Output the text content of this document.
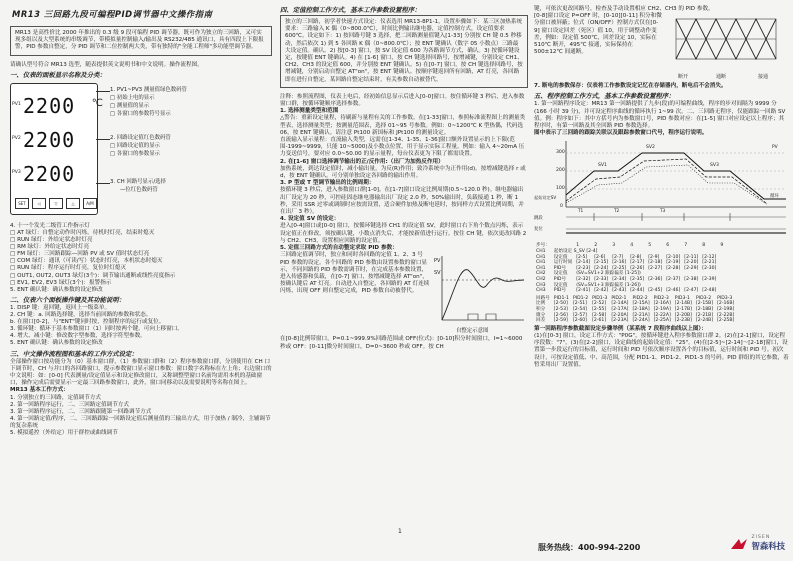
MR13 三回路九段可编程PID调节器中文操作指南

MR13 是高性价比 2000 年推出的 0.3 级 9 段可编程 PID 调节器，既可作为独立的三回路，又可实现多组以及大型系统的串级调节，带模拟量控制输入/输出及 RS232/485 通讯口，具有四段上下限报警，PID 参数自整定，分 PID 调节和二位控制两大类，带有独特的"全能工程师"多功能型调节器。

请确认型号符合 MR13 选型，随表提供英文说明书和中文说明。操作流程图。

一、仪表的面板显示名称及分类：
PV1 2200 ℃
PV2 2200
PV3 2200
SET	◁	▽	△	A/M
1. PV1~PV3 测量值绿色数码管
□ 初始上电的显示
□ 测量值的显示
□ 各窗口的参数符号显示
2. 回路设定值红色数码管
□ 回路设定值的显示
□ 各窗口的参数显示
3. CH 回路号显示/选择
—位红色数码管

4. 十一个发光二级管工作指示灯

□ AT 绿灯：自整定动作时闪烁，待机时灯亮，结束时熄灭
□ RUN 绿灯：外给定状态时灯亮
□ RM 绿灯：外给定状态时灯亮
□ FM 绿灯：三回路跟踪—回路 PV 或 SV 值时状态灯亮
□ COM 绿灯：通讯（可读/写）状态时灯亮，本机状态时熄灭
□ RUN 绿灯：程序运行时灯亮，复位时灯熄灭
□ OUT1, OUT2, OUT3 绿灯(3个)：调节输出通断或线性亮度指示
□ EV1, EV2, EV3 绿灯(3个)：报警指示

5. ENT 确认键：确认参数的设定修改

二、仪表六个面板操作键及其功能说明：
1. DISP 键：返回键，返回上一级菜单。
2. CH 键：a. 回路选择键，选择当前回路的参数和状态。
b. 在窗口[0-2]，与"ENT"键同时按，控制程序的运行或复位。
3. 循环键：循环于基本参数窗口（1）同时按两个键，可向上移窗口。
4. 增大、减小键：修改数字型参数，选择字符型参数。
5. ENT 确认键：确认参数的设定修改
三、中文操作流程图和基本的工作方式设定：

全部操作窗口按功能分为（0）基本窗口群，（1）参数窗口群和（2）程序参数窗口群，分别使用在 CH 口下调节时，CH 与并口的各回路窗口，提示参数窗口显示窗口参数：窗口数字名称标在左上角；右边窗口的中文说明：如：[0-0] 代表测量/设定值显示和设定修改窗口，又称调整型窗口名前均需用本机的基础窗口，操作完成后需要显示一定最三回路参数窗口，此外，窗口同移动以及需要说明等名称在图上。

MR13 基本工作方式：

1. 分别独立的三回路，定值调节方式
2. 第一回路程序运行，二、三回路定值调节方式
3. 第一回路程序运行，二、三回路跟随第一回路调节方式
4. 第一回路定值/程序，二、三回路跟踪一回路设定值后测量值的三输出方式，用于加热 / 制冷，主辅调节的复杂系统
5. 模拟遥控（外给定）用于群控或曲线调节
四、定值控制工作方式，基本工作参数设置程序：

独立的三回路，初学者快速方式设定：仪表选用 MR13-8P1-1，设置步骤如下：某三区加热系统要求：三路输入 K 偶（0~800.0℃），时间比例输出继电器，定值控制方式，设定值要求 600℃。设定如下：1) 按回路号键 3 选择，把二回路测量值键入[1-33] 分别按 CH 键 0.5 秒移动，然后依次 1) 到 5 各回路 K 偶（0~800.0℃）；按 ENT 键确认（数字 05 小数点）三路最大设定值。确认。2) 按[0-3] 窗口，按 SV 设定值 600 为各路调节方式，确认。3) 按循环键设定，按键值 ENT 键确认。4) 在 [1-6] 窗口，按 CH 键选择回路号，按增减键，分别设定 CH1、CH2、CH3 的设定值 600，并分别按 ENT 键确认。5) 在[0-7] 窗口，按 CH 键选择回路号，按增减键，分别启动自整定 AT"on"，按 ENT 键确认。按顺序键返回所有回路，AT 灯亮，各回路即在进行自整定，某回路自整定结束时，有关参数自动被替代。

注释：参照流程图，仪表上电后，经初始信息显示后进入[0-0]窗口。按住循环键 3 秒后，进入参数窗口群，按循环键顺序选择参数。

1. 选择测量类型和范围

△警告：重新设定量程，待刷新与量程有关的工作参数。在[1-33]窗口，参照标准流程图上的测量类型表，选择测量类型；按测量范围表，选择 01~95 号参数。例如：0~1200℃ K 型热偶，代码选 06，按 ENT 键确认。请注意 Pt100 新国标和 JPt100 的测量设定。

直流输入显示量程：直流输入类型，远需在[1-34、1-35、1-36]窗口额外设置显示的上下限(范围-1999~9999，只能 10~5000)及小数点位置，用于显示实际工程量。例如：输入 4~20mA 压力变送信号，要对应 0.0~50.00 的显示量程，每台仪表更为下限了都需设置。

2. 在[1-6] 窗口选择调节输出的正/反作用:（出厂为加热反作用）

加热系统，到达设定值时，减小输出量，为反(R)作用；致冷系统中为正作用(d)。按增减键选择 r 或 d，按 ENT 键确认。可分别单独设定各回路的输出作用。

3. P 型或 T 型调节输出的比例周期：

按循环键 3 秒后，进入参数窗口群[1-0]。在[1-7]窗口设定比例周期(0.5~120.0 秒)。继电器输出出厂设定为 20 秒，可控硅固态继电器输出出厂设定 2.0 秒，50%输出时，负载接通 1 秒，断 1 秒，采用 SSR 过零或调制时应按需设置，适合硬件加热及断电延时，按同样方式设置比例周期，并在出厂 3 秒）。

4. 设定值 SV 的设定：

进入[0-4]窗口或[0-0] 窗口，按循环键选择 CH1 的设定值 SV，此时窗口右下角个数点闪烁，表示设定值正在修改，须按确认键，小数点消失后，才能按新值进行运行。按住 CH 键，依次更改回路 2 与 CH2、CH3，设置相应回路的设定值。

5. 定值三回路方式的自动整定求取 PID 参数：

三回路定值调节时，独立和同时各回路的定值 1、2、3 号 PID 参数的设定。各个回路的 PID 参数由设置参数的窗口显示，不同回路的 PID 参数需调节时，在完成基本参数设置，进入传感器和负载，在[0-7] 窗口，按增减键选择 AT"on"，按确认键后 AT 灯亮。自动进入自整定，各回路的 AT 灯连续闪烁，出现 OFF 则自整定完成，PID 参数自动被替代。

SV
PV
自整定示意图

在[0-8]比例带窗口，P=0.1~999.9%回路范围或 OFF(位式)：[0-10]积分时间窗口，I=1~6000 秒或 OFF：[0-11]微分时间窗口，D=0~3600 秒或 OFF。按 CH

1

键，可依次更改回路号，检查及手动设置相应 CH2、CH3 的 PID 参数。

[0-8]窗口设定 P=OFF 时，[0-10][0-11] 积分和微分窗口被屏蔽；位式（ON/OFF）控制方式仅在[0-9] 窗口设定回差（死区）值 10，用于调整动作变差，例如：设定值 500℃，回差设定 10，实际在 510℃ 断开，495℃ 接通，实际保持在 500±12℃ 间通断。

断开	通断	接通

7. 断电的参数保存：仪表将工作参数设定记忆在存储器内，断电后不会消失。

五、程序控制工作方式，基本工作参数设置程序：

1. 第一回路程序设定：MR13 第一回路提供了九步(段)的可编程曲线，程序的步对间隔为 9999 分(166 小时 39 分)，并可设定程序曲线的循环执行 1~99 次。二、三回路无程序，仅能跟踪一回路 SV 值。例：程序如下：其中方括号内为参数窗口号，PID 参数对应：在[1-5] 窗口对应设定以上程序；其程序时，有第一回路及其全回路 PID 参数选择。

图中表示了三回路的跟踪关联以及跟踪参数窗口代号，程序运行说明。

300
200
100
0
起始设定SV
SV1
SV2
SV3
T1	T2	T3
跳段
复位
循环
PV
步号：		1	2	3	4	5	6	7	8	9
CH1	起始设定 S_SV [2-4]									
CH1	设定值	[2-5]	[2-6]	[2-7]	[2-8]	[2-9]	[2-10]	[2-11]	[2-12]	
CH1	运行时间	[2-14]	[2-15]	[2-16]	[2-17]	[2-18]	[2-19]	[2-20]	[2-21]	
CH1	PID号	[2-23]	[2-24]	[2-25]	[2-26]	[2-27]	[2-28]	[2-29]	[2-30]	
CH2	设定值	(SV=SV1+2 跟踪偏差 [1-25])								
CH2	PID号	[2-32]	[2-33]	[2-34]	[2-35]	[2-36]	[2-37]	[2-38]	[2-39]	
CH3	设定值	(SV=SV1+3 跟踪偏差 [1-26])								
CH3	PID号	[2-41]	[2-42]	[2-43]	[2-44]	[2-45]	[2-46]	[2-47]	[2-48]	
回路号	PID1-1	PID1-2	PID1-3	PID2-1	PID2-2	PID2-3	PID3-1	PID3-2	PID3-3
比例	[2-50]	[2-51]	[2-52]	[2-14A]	[2-15A]	[2-16A]	[2-14B]	[2-15B]	[2-16B]
积分	[2-53]	[2-54]	[2-55]	[2-17A]	[2-18A]	[2-19A]	[2-17B]	[2-18B]	[2-19B]
微分	[2-56]	[2-57]	[2-58]	[2-20A]	[2-21A]	[2-22A]	[2-20B]	[2-21B]	[2-22B]
回差	[2-59]	[2-60]	[2-61]	[2-23A]	[2-24A]	[2-25A]	[2-23B]	[2-24B]	[2-25B]

第一回路程序参数截图设定步骤举例（某系统 7 段程序曲线以上图）：

(1)在[0-3] 窗口，设定工作方式："P0G"，按循环键进入程序参数窗口群 2。(2)在[2-1]窗口，设定程序段数："7"。(3)在[2-2]窗口，设定曲线的起始设定值："25"。(4)在[2-5]~[2-14]～[2-18]窗口，设置第一步段运行的目标值，运行时间和 PID 号依次顺序设置各个的目标值，运行时间和 PID 号。初次设计，可按设定值低、中、高范围，分配 PID1-1、PID1-2、PID1-3 的号码。PID 群组的其它参数，着暂采用出厂设置值。

服务热线：400-994-2200
ZISEN
智森科技
